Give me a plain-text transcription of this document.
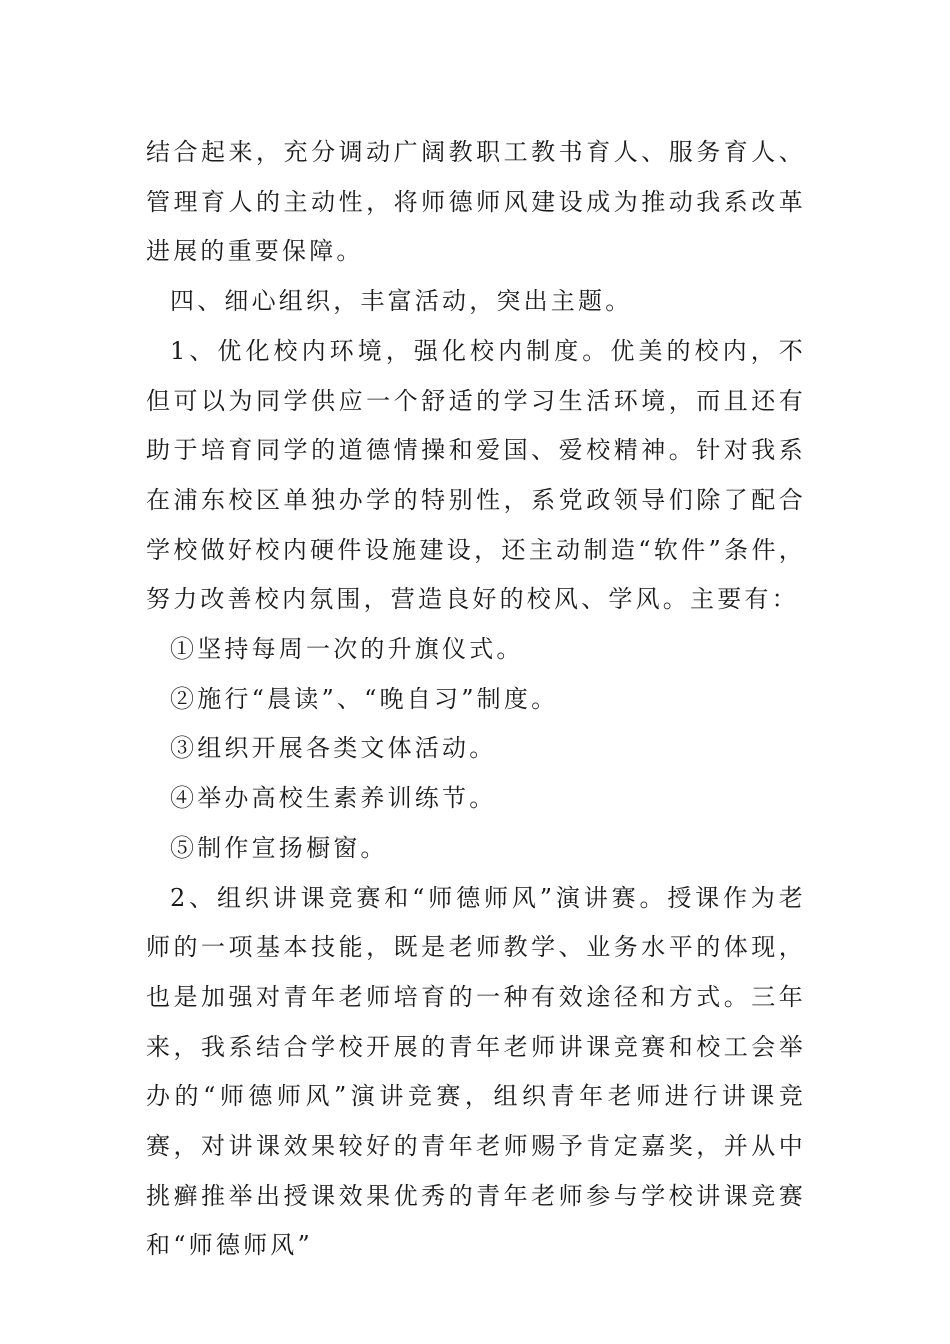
结合起来，充分调动广阔教职工教书育人、服务育人、管理育人的主动性，将师德师风建设成为推动我系改革进展的重要保障。

四、细心组织，丰富活动，突出主题。

1、优化校内环境，强化校内制度。优美的校内，不但可以为同学供应一个舒适的学习生活环境，而且还有助于培育同学的道德情操和爱国、爱校精神。针对我系在浦东校区单独办学的特别性，系党政领导们除了配合学校做好校内硬件设施建设，还主动制造“软件”条件，努力改善校内氛围，营造良好的校风、学风。主要有：

①坚持每周一次的升旗仪式。

②施行“晨读”、“晚自习”制度。

③组织开展各类文体活动。

④举办高校生素养训练节。

⑤制作宣扬橱窗。

2、组织讲课竞赛和“师德师风”演讲赛。授课作为老师的一项基本技能，既是老师教学、业务水平的体现，也是加强对青年老师培育的一种有效途径和方式。三年来，我系结合学校开展的青年老师讲课竞赛和校工会举办的“师德师风”演讲竞赛，组织青年老师进行讲课竞赛，对讲课效果较好的青年老师赐予肯定嘉奖，并从中挑癣推举出授课效果优秀的青年老师参与学校讲课竞赛和“师德师风”
